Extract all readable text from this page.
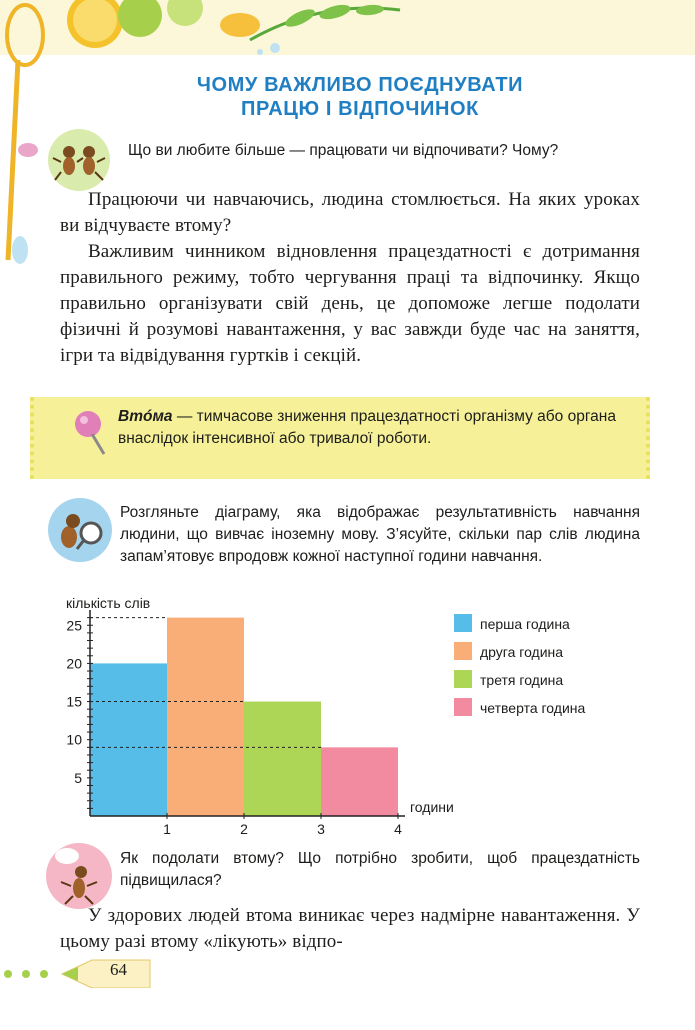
ЧОМУ ВАЖЛИВО ПОЄДНУВАТИ
ПРАЦЮ І ВІДПОЧИНОК
Що ви любите більше — працювати чи відпочивати? Чому?
Працюючи чи навчаючись, людина стомлюється. На яких уроках ви відчуваєте втому?
Важливим чинником відновлення працездатності є дотримання правильного режиму, тобто чергування праці та відпочинку. Якщо правильно організувати свій день, це допоможе легше подолати фізичні й розумові навантаження, у вас завжди буде час на заняття, ігри та відвідування гуртків і секцій.
Втóма — тимчасове зниження працездатності організму або органа внаслідок інтенсивної або тривалої роботи.
Розгляньте діаграму, яка відображає результативність навчання людини, що вивчає іноземну мову. З’ясуйте, скільки пар слів людина запам’ятовує впродовж кожної наступної години навчання.
кількість слів
години
5
10
15
20
25
1	2	3	4
перша година
друга година
третя година
четверта година
Як подолати втому? Що потрібно зробити, щоб працездатність підвищилася?
У здорових людей втома виникає через надмірне навантаження. У цьому разі втому «лікують» відпо-
64
